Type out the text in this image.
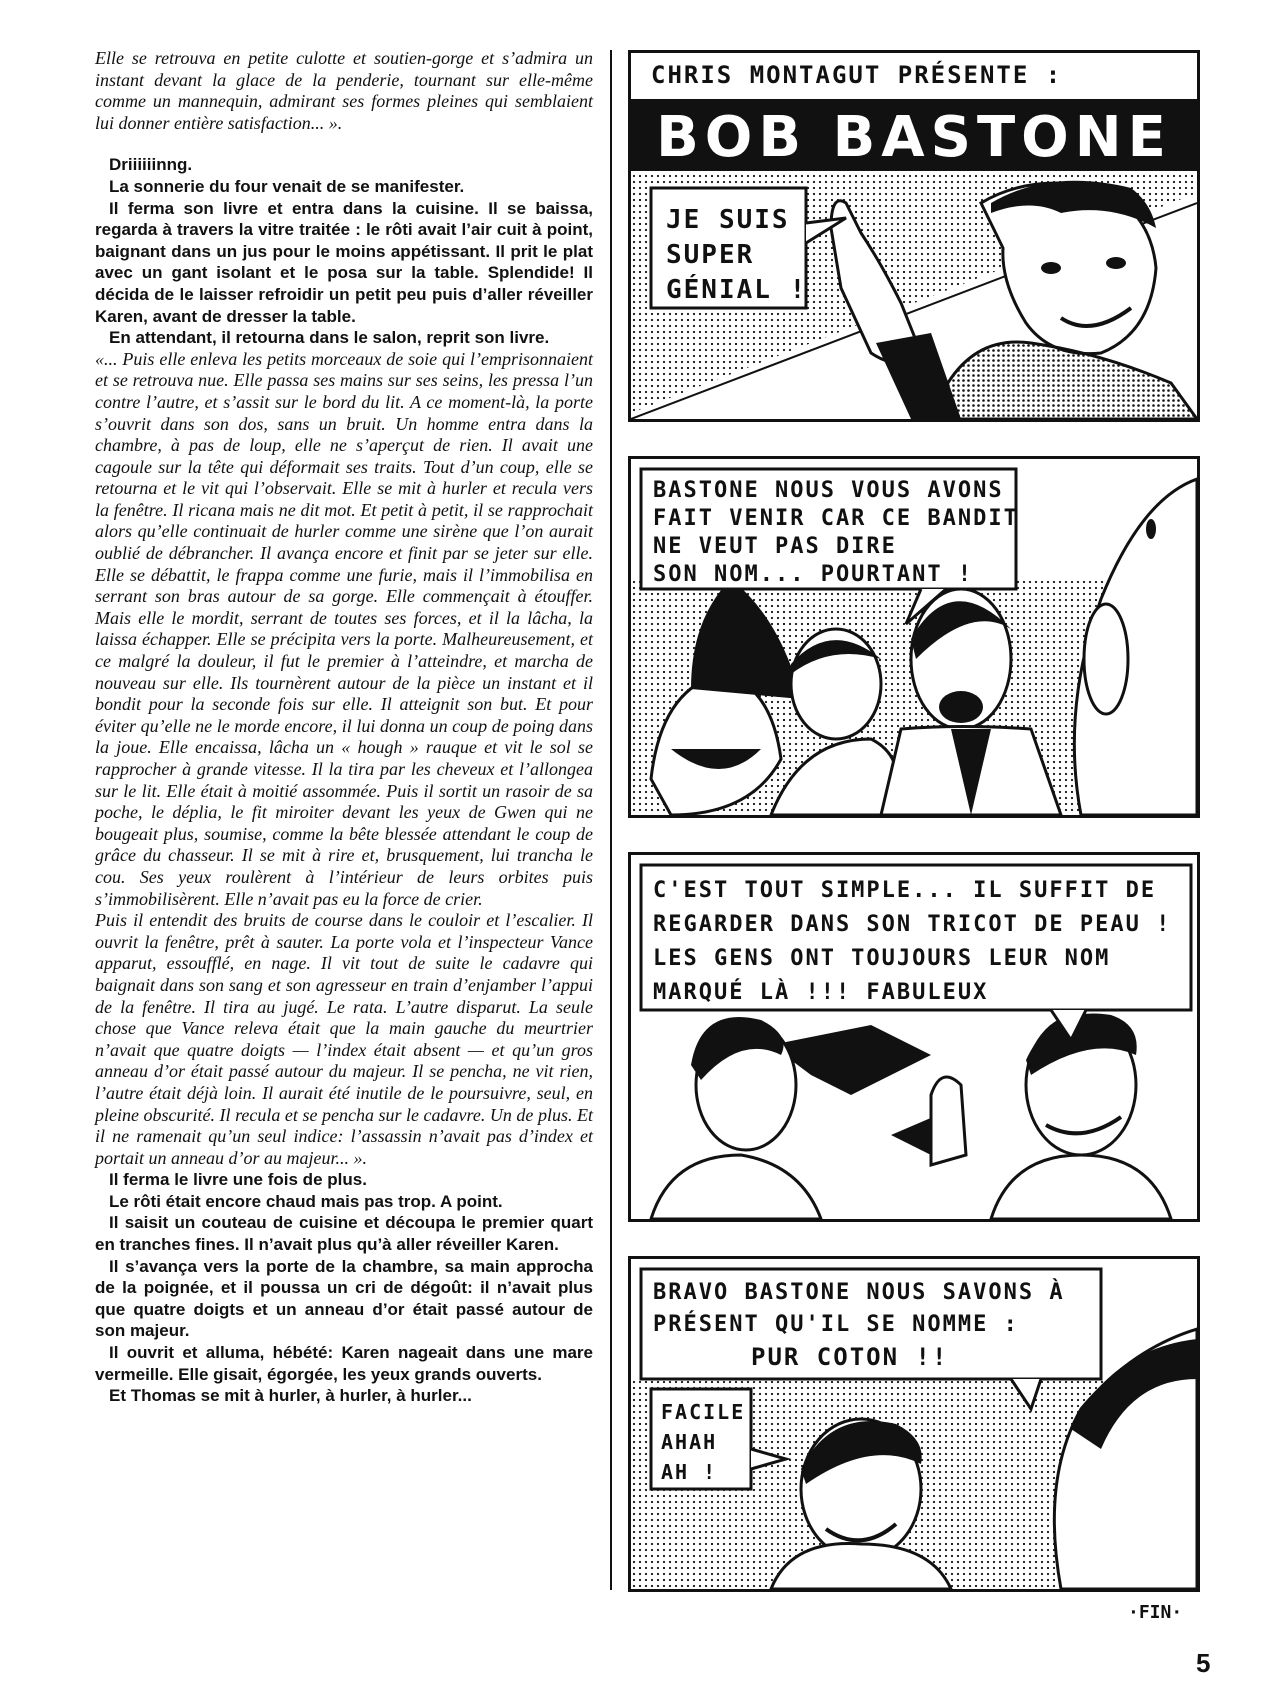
Elle se retrouva en petite culotte et soutien-gorge et s’admira un instant devant la glace de la penderie, tournant sur elle-même comme un mannequin, admirant ses formes pleines qui semblaient lui donner entière satisfaction... ».

Driiiiiinng.

La sonnerie du four venait de se manifester.

Il ferma son livre et entra dans la cuisine. Il se baissa, regarda à travers la vitre traitée : le rôti avait l’air cuit à point, baignant dans un jus pour le moins appétissant. Il prit le plat avec un gant isolant et le posa sur la table. Splendide! Il décida de le laisser refroidir un petit peu puis d’aller réveiller Karen, avant de dresser la table.

En attendant, il retourna dans le salon, reprit son livre.

«... Puis elle enleva les petits morceaux de soie qui l’emprisonnaient et se retrouva nue. Elle passa ses mains sur ses seins, les pressa l’un contre l’autre, et s’assit sur le bord du lit. A ce moment-là, la porte s’ouvrit dans son dos, sans un bruit. Un homme entra dans la chambre, à pas de loup, elle ne s’aperçut de rien. Il avait une cagoule sur la tête qui déformait ses traits. Tout d’un coup, elle se retourna et le vit qui l’observait. Elle se mit à hurler et recula vers la fenêtre. Il ricana mais ne dit mot. Et petit à petit, il se rapprochait alors qu’elle continuait de hurler comme une sirène que l’on aurait oublié de débrancher. Il avança encore et finit par se jeter sur elle. Elle se débattit, le frappa comme une furie, mais il l’immobilisa en serrant son bras autour de sa gorge. Elle commençait à étouffer. Mais elle le mordit, serrant de toutes ses forces, et il la lâcha, la laissa échapper. Elle se précipita vers la porte. Malheureusement, et ce malgré la douleur, il fut le premier à l’atteindre, et marcha de nouveau sur elle. Ils tournèrent autour de la pièce un instant et il bondit pour la seconde fois sur elle. Il atteignit son but. Et pour éviter qu’elle ne le morde encore, il lui donna un coup de poing dans la joue. Elle encaissa, lâcha un « hough » rauque et vit le sol se rapprocher à grande vitesse. Il la tira par les cheveux et l’allongea sur le lit. Elle était à moitié assommée. Puis il sortit un rasoir de sa poche, le déplia, le fit miroiter devant les yeux de Gwen qui ne bougeait plus, soumise, comme la bête blessée attendant le coup de grâce du chasseur. Il se mit à rire et, brusquement, lui trancha le cou. Ses yeux roulèrent à l’intérieur de leurs orbites puis s’immobilisèrent. Elle n’avait pas eu la force de crier.

Puis il entendit des bruits de course dans le couloir et l’escalier. Il ouvrit la fenêtre, prêt à sauter. La porte vola et l’inspecteur Vance apparut, essoufflé, en nage. Il vit tout de suite le cadavre qui baignait dans son sang et son agresseur en train d’enjamber l’appui de la fenêtre. Il tira au jugé. Le rata. L’autre disparut. La seule chose que Vance releva était que la main gauche du meurtrier n’avait que quatre doigts — l’index était absent — et qu’un gros anneau d’or était passé autour du majeur. Il se pencha, ne vit rien, l’autre était déjà loin. Il aurait été inutile de le poursuivre, seul, en pleine obscurité. Il recula et se pencha sur le cadavre. Un de plus. Et il ne ramenait qu’un seul indice: l’assassin n’avait pas d’index et portait un anneau d’or au majeur... ».

Il ferma le livre une fois de plus.

Le rôti était encore chaud mais pas trop. A point.

Il saisit un couteau de cuisine et découpa le premier quart en tranches fines. Il n’avait plus qu’à aller réveiller Karen.

Il s’avança vers la porte de la chambre, sa main approcha de la poignée, et il poussa un cri de dégoût: il n’avait plus que quatre doigts et un anneau d’or était passé autour de son majeur.

Il ouvrit et alluma, hébété: Karen nageait dans une mare vermeille. Elle gisait, égorgée, les yeux grands ouverts.

Et Thomas se mit à hurler, à hurler, à hurler...

CHRIS MONTAGUT PRÉSENTE :
BOB BASTONE
JE SUIS
SUPER
GÉNIAL !
BASTONE NOUS VOUS AVONS
FAIT VENIR CAR CE BANDIT
NE VEUT PAS DIRE
SON NOM... POURTANT !
C'EST TOUT SIMPLE... IL SUFFIT DE
REGARDER DANS SON TRICOT DE PEAU !
LES GENS ONT TOUJOURS LEUR NOM
MARQUÉ LÀ !!! FABULEUX
BRAVO BASTONE NOUS SAVONS À
PRÉSENT QU'IL SE NOMME :
PUR COTON !!
FACILE
AHAH
AH !
·FIN·
5
